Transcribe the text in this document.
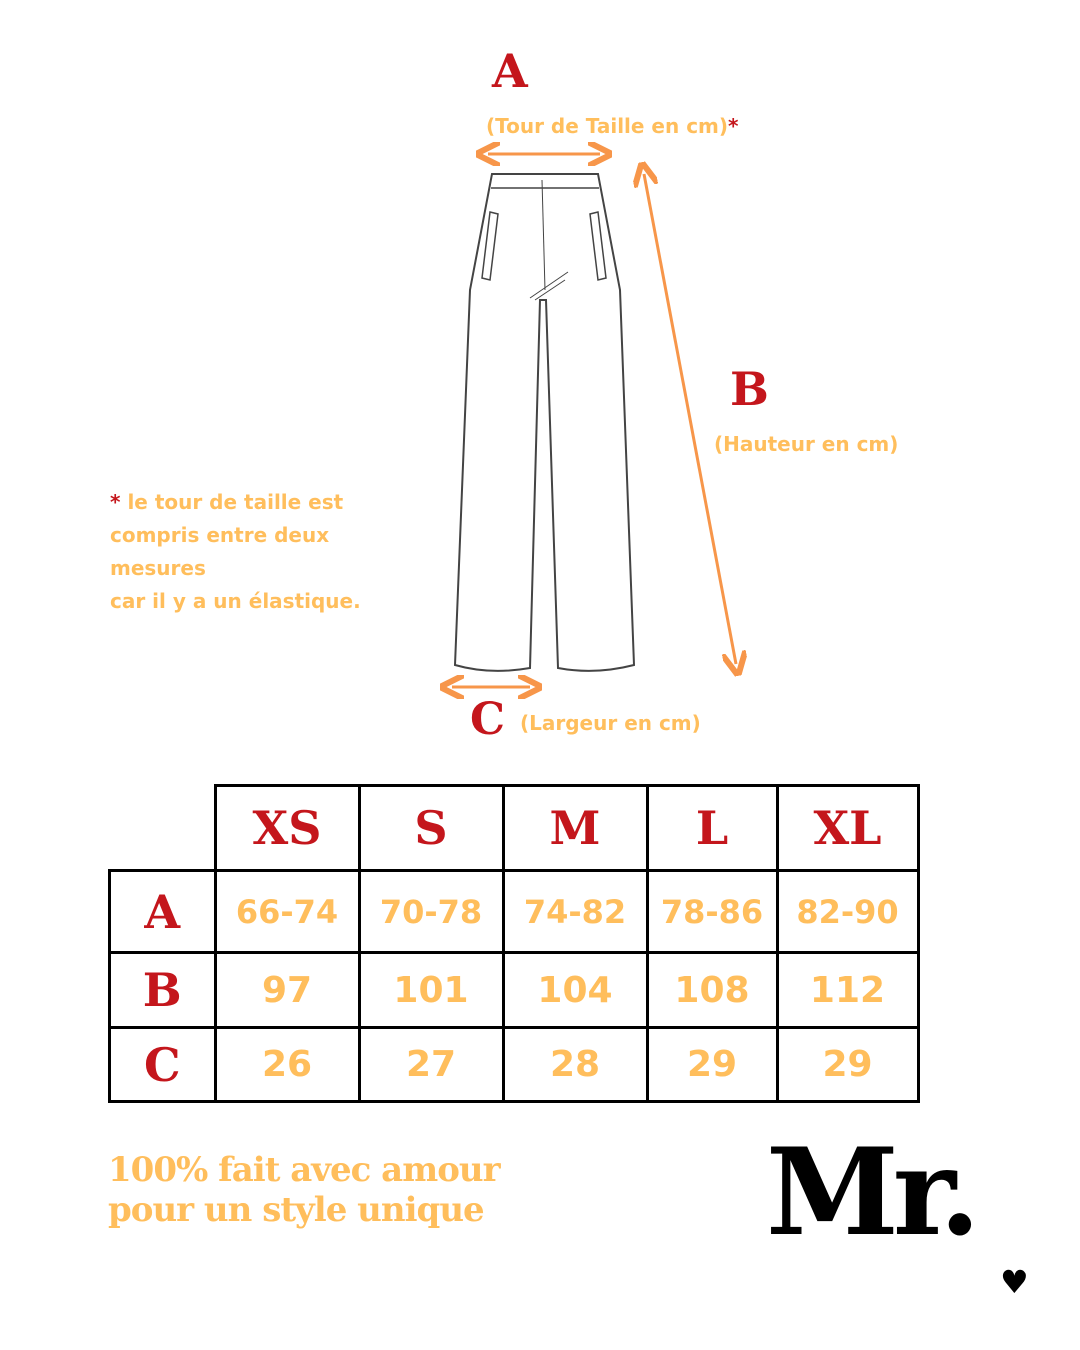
A
(Tour de Taille en cm)*
B
(Hauteur en cm)
C (Largeur en cm)
* le tour de taille est
compris entre deux
mesures
car il y a un élastique.
	XS	S	M	L	XL
A	66-74	70-78	74-82	78-86	82-90
B	97	101	104	108	112
C	26	27	28	29	29
100% fait avec amour
pour un style unique Mr.
♥
